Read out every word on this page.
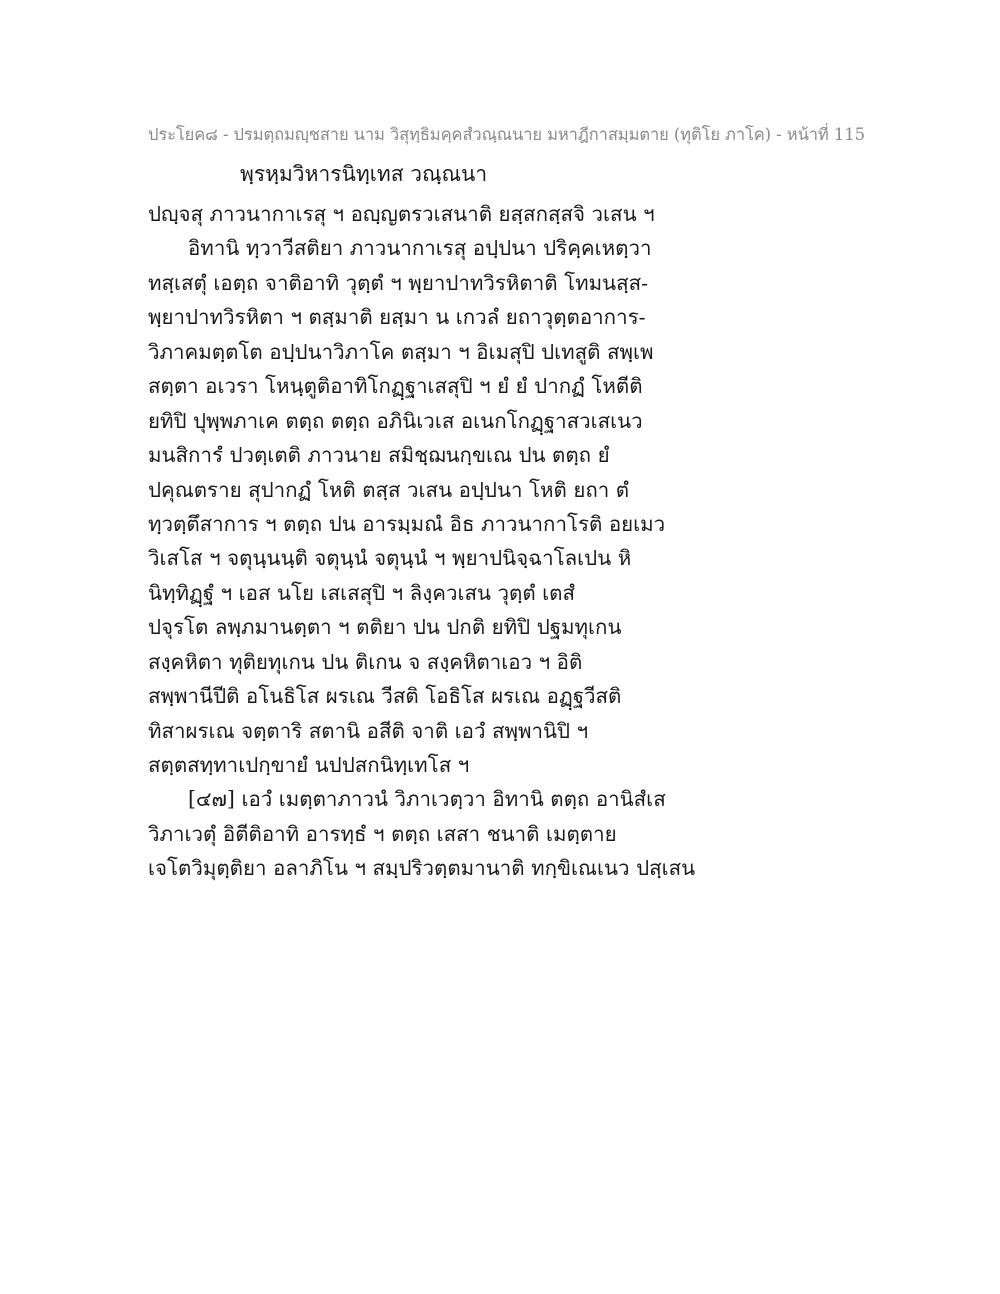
ประโยค๘ - ปรมตฺถมญฺชสาย นาม วิสุทฺธิมคฺคสํวณฺณนาย มหาฎีกาสมฺมตาย (ทุติโย ภาโค) - หน้าที่ 115
พฺรหฺมวิหารนิทฺเทส วณฺณนา
ปญฺจสุ ภาวนากาเรสุ ฯ อญฺญตรวเสนาติ ยสฺสกสฺสจิ วเสน ฯ
อิทานิ ทฺวาวีสติยา ภาวนากาเรสุ อปฺปนา ปริคฺคเหตฺวา
ทสฺเสตุํ เอตฺถ จาติอาทิ วุตฺตํ ฯ พฺยาปาทวิรหิตาติ โทมนสฺส-
พฺยาปาทวิรหิตา ฯ ตสฺมาติ ยสฺมา น เกวลํ ยถาวุตฺตอาการ-
วิภาคมตฺตโต อปฺปนาวิภาโค ตสฺมา ฯ อิเมสุปิ ปเทสูติ สพฺเพ
สตฺตา อเวรา โหนฺตูติอาทิโกฏฺฐาเสสุปิ ฯ ยํ ยํ ปากฏํ โหตีติ
ยทิปิ ปุพฺพภาเค ตตฺถ ตตฺถ อภินิเวเส อเนกโกฏฺฐาสวเสเนว
มนสิการํ ปวตฺเตติ ภาวนาย สมิชฺฌนกฺขเณ ปน ตตฺถ ยํ
ปคุณตราย สุปากฏํ โหติ ตสฺส วเสน อปฺปนา โหติ ยถา ตํ
ทฺวตฺตึสาการ ฯ ตตฺถ ปน อารมฺมณํ อิธ ภาวนากาโรติ อยเมว
วิเสโส ฯ จตุนฺนนฺติ จตุนฺนํ จตุนฺนํ ฯ พฺยาปนิจฺฉาโลเปน หิ
นิทฺทิฏฺฐํ ฯ เอส นโย เสเสสุปิ ฯ ลิงฺควเสน วุตฺตํ เตสํ
ปจุรโต ลพฺภมานตฺตา ฯ ตติยา ปน ปกติ ยทิปิ ปฐมทุเกน
สงฺคหิตา ทุติยทุเกน ปน ติเกน จ สงฺคหิตาเอว ฯ อิติ
สพฺพานีปีติ อโนธิโส ผรเณ วีสติ โอธิโส ผรเณ อฏฺฐวีสติ
ทิสาผรเณ จตฺตาริ สตานิ อสีติ จาติ เอวํ สพฺพานิปิ ฯ
สตฺตสทฺทาเปกฺขายํ นปปสกนิทฺเทโส ฯ
[๔๗] เอวํ เมตฺตาภาวนํ วิภาเวตฺวา อิทานิ ตตฺถ อานิสํเส
วิภาเวตุํ อิตีติอาทิ อารทฺธํ ฯ ตตฺถ เสสา ชนาติ เมตฺตาย
เจโตวิมุตฺติยา อลาภิโน ฯ สมฺปริวตฺตมานาติ ทกฺขิเณเนว ปสฺเสน
